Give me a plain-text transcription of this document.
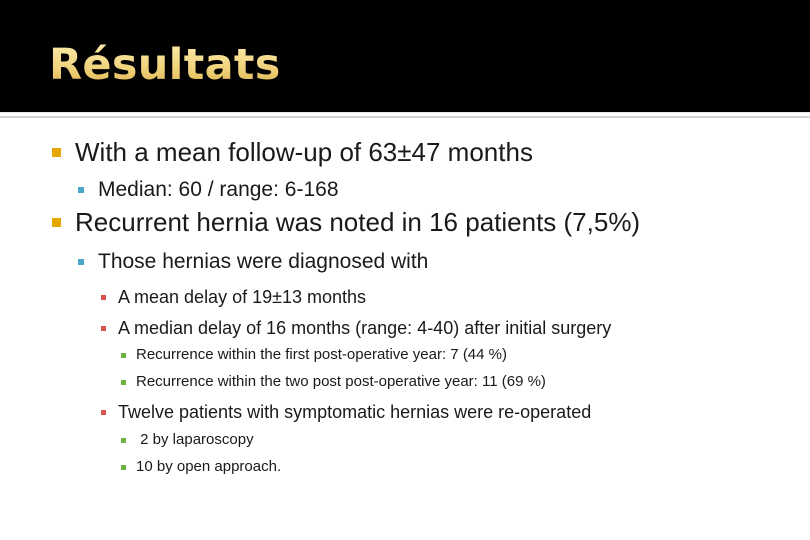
Résultats
With a mean follow-up of 63±47 months
Median: 60 / range: 6-168
Recurrent hernia was noted in 16 patients (7,5%)
Those hernias were diagnosed with
A mean delay of 19±13 months
A median delay of 16 months (range: 4-40) after initial surgery
Recurrence within the first post-operative year: 7 (44 %)
Recurrence within the two post post-operative year: 11 (69 %)
Twelve patients with symptomatic hernias were re-operated
2 by laparoscopy
10 by open approach.
